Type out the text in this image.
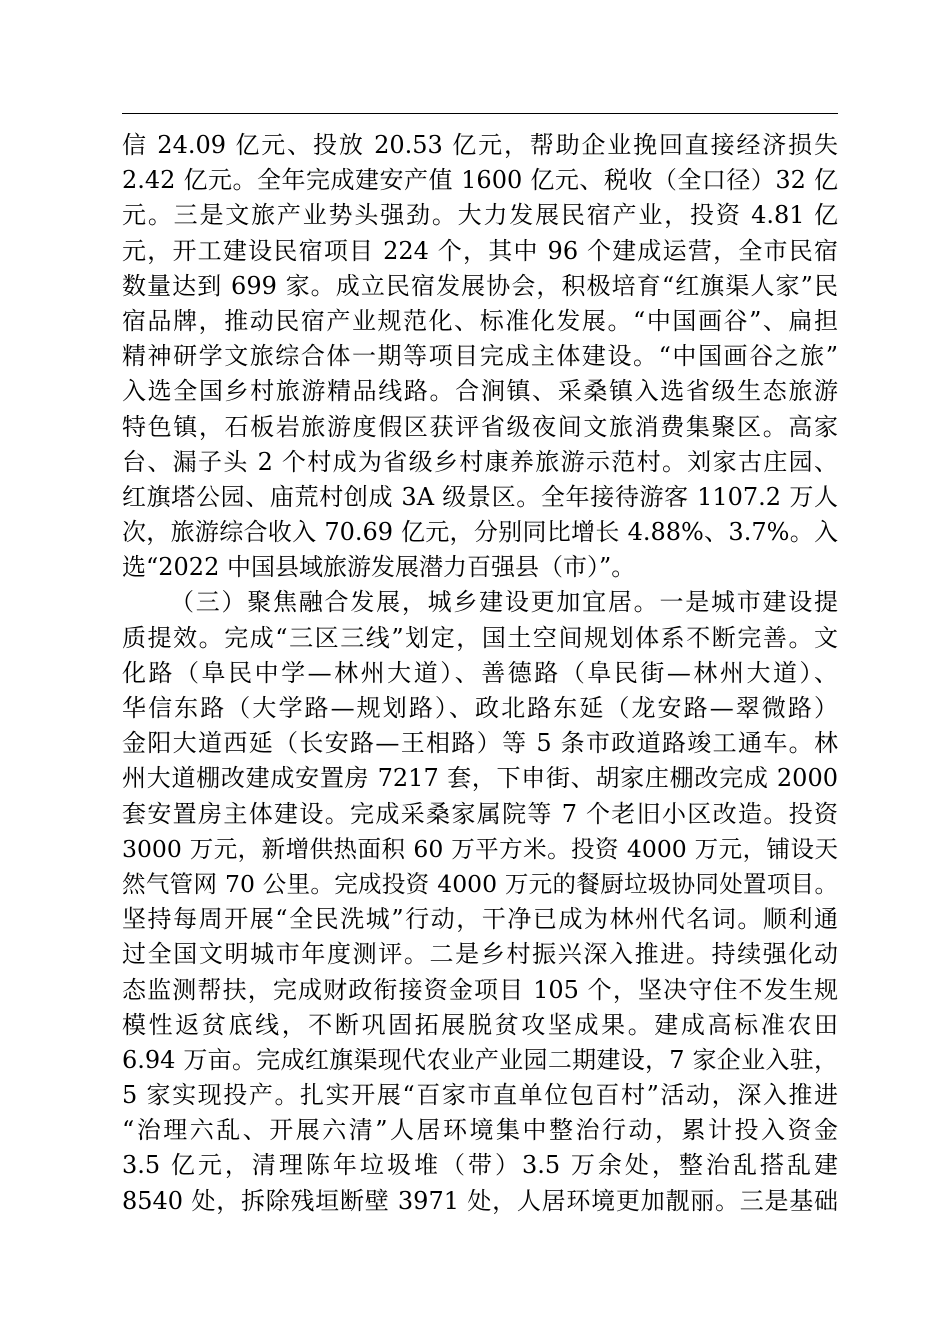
信 24.09 亿元、投放 20.53 亿元，帮助企业挽回直接经济损失
2.42 亿元。全年完成建安产值 1600 亿元、税收（全口径）32 亿
元。三是文旅产业势头强劲。大力发展民宿产业，投资 4.81 亿
元，开工建设民宿项目 224 个，其中 96 个建成运营，全市民宿
数量达到 699 家。成立民宿发展协会，积极培育“红旗渠人家”民
宿品牌，推动民宿产业规范化、标准化发展。“中国画谷”、扁担
精神研学文旅综合体一期等项目完成主体建设。“中国画谷之旅”
入选全国乡村旅游精品线路。合涧镇、采桑镇入选省级生态旅游
特色镇，石板岩旅游度假区获评省级夜间文旅消费集聚区。高家
台、漏子头 2 个村成为省级乡村康养旅游示范村。刘家古庄园、
红旗塔公园、庙荒村创成 3A 级景区。全年接待游客 1107.2 万人
次，旅游综合收入 70.69 亿元，分别同比增长 4.88%、3.7%。入
选“2022 中国县域旅游发展潜力百强县（市）”。
（三）聚焦融合发展，城乡建设更加宜居。一是城市建设提
质提效。完成“三区三线”划定，国土空间规划体系不断完善。文
化路（阜民中学—林州大道）、善德路（阜民街—林州大道）、
华信东路（大学路—规划路）、政北路东延（龙安路—翠微路）
金阳大道西延（长安路—王相路）等 5 条市政道路竣工通车。林
州大道棚改建成安置房 7217 套，下申街、胡家庄棚改完成 2000
套安置房主体建设。完成采桑家属院等 7 个老旧小区改造。投资
3000 万元，新增供热面积 60 万平方米。投资 4000 万元，铺设天
然气管网 70 公里。完成投资 4000 万元的餐厨垃圾协同处置项目。
坚持每周开展“全民洗城”行动，干净已成为林州代名词。顺利通
过全国文明城市年度测评。二是乡村振兴深入推进。持续强化动
态监测帮扶，完成财政衔接资金项目 105 个，坚决守住不发生规
模性返贫底线，不断巩固拓展脱贫攻坚成果。建成高标准农田
6.94 万亩。完成红旗渠现代农业产业园二期建设，7 家企业入驻，
5 家实现投产。扎实开展“百家市直单位包百村”活动，深入推进
“治理六乱、开展六清”人居环境集中整治行动，累计投入资金
3.5 亿元，清理陈年垃圾堆（带）3.5 万余处，整治乱搭乱建
8540 处，拆除残垣断壁 3971 处，人居环境更加靓丽。三是基础
